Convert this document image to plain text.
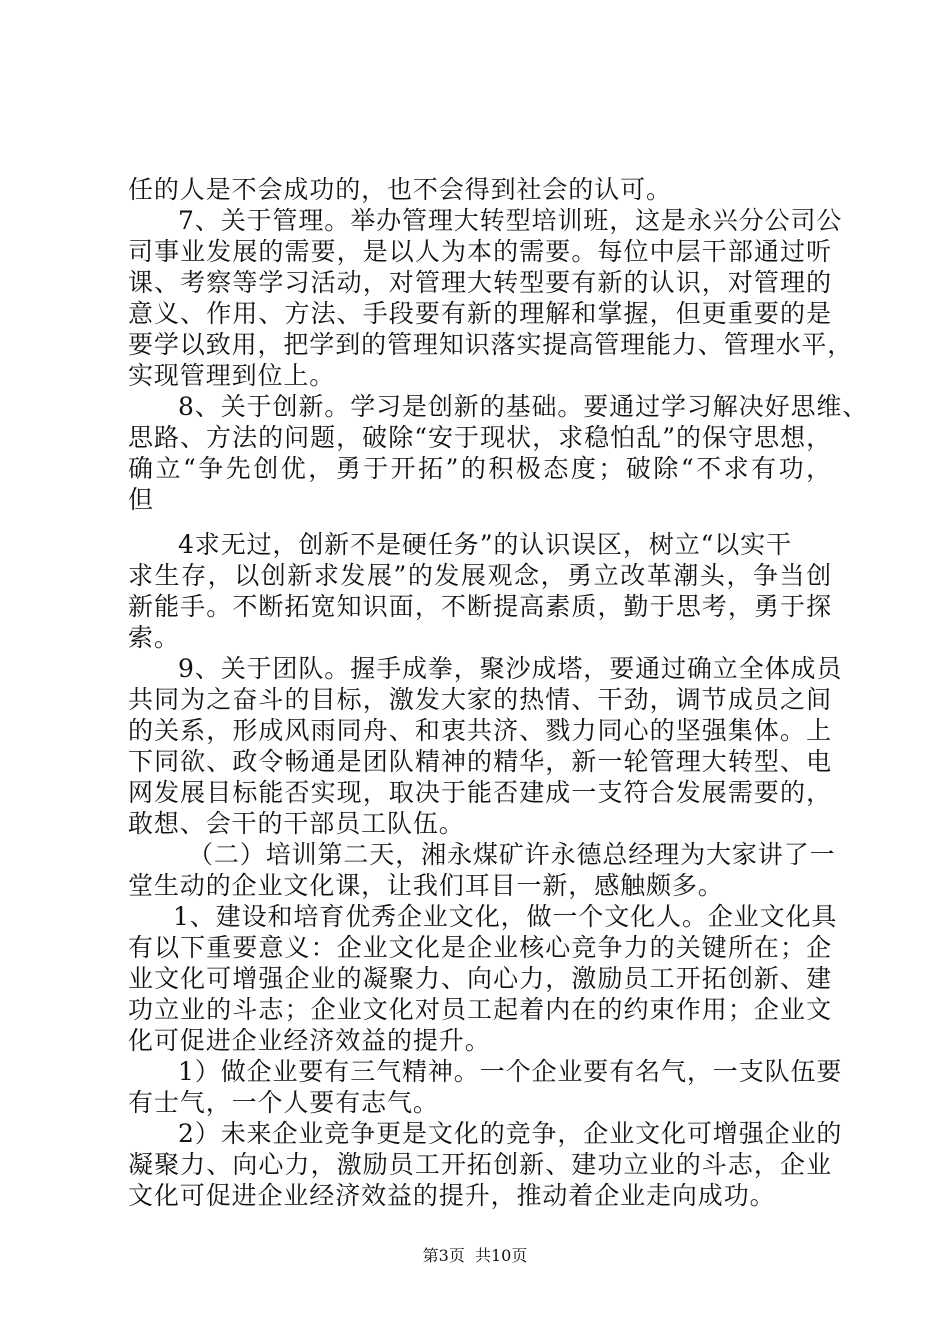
任的人是不会成功的，也不会得到社会的认可。
7、关于管理。举办管理大转型培训班，这是永兴分公司公
司事业发展的需要，是以人为本的需要。每位中层干部通过听
课、考察等学习活动，对管理大转型要有新的认识，对管理的
意义、作用、方法、手段要有新的理解和掌握，但更重要的是
要学以致用，把学到的管理知识落实提高管理能力、管理水平，
实现管理到位上。
8、关于创新。学习是创新的基础。要通过学习解决好思维、
思路、方法的问题，破除“安于现状，求稳怕乱”的保守思想，
确立“争先创优，勇于开拓”的积极态度；破除“不求有功，
但
4求无过，创新不是硬任务”的认识误区，树立“以实干
求生存，以创新求发展”的发展观念，勇立改革潮头，争当创
新能手。不断拓宽知识面，不断提高素质，勤于思考，勇于探
索。
9、关于团队。握手成拳，聚沙成塔，要通过确立全体成员
共同为之奋斗的目标，激发大家的热情、干劲，调节成员之间
的关系，形成风雨同舟、和衷共济、戮力同心的坚强集体。上
下同欲、政令畅通是团队精神的精华，新一轮管理大转型、电
网发展目标能否实现，取决于能否建成一支符合发展需要的，
敢想、会干的干部员工队伍。
（二）培训第二天，湘永煤矿许永德总经理为大家讲了一
堂生动的企业文化课，让我们耳目一新，感触颇多。
1、建设和培育优秀企业文化，做一个文化人。企业文化具
有以下重要意义：企业文化是企业核心竞争力的关键所在；企
业文化可增强企业的凝聚力、向心力，激励员工开拓创新、建
功立业的斗志；企业文化对员工起着内在的约束作用；企业文
化可促进企业经济效益的提升。
1）做企业要有三气精神。一个企业要有名气，一支队伍要
有士气，一个人要有志气。
2）未来企业竞争更是文化的竞争，企业文化可增强企业的
凝聚力、向心力，激励员工开拓创新、建功立业的斗志，企业
文化可促进企业经济效益的提升，推动着企业走向成功。
第3页  共10页
